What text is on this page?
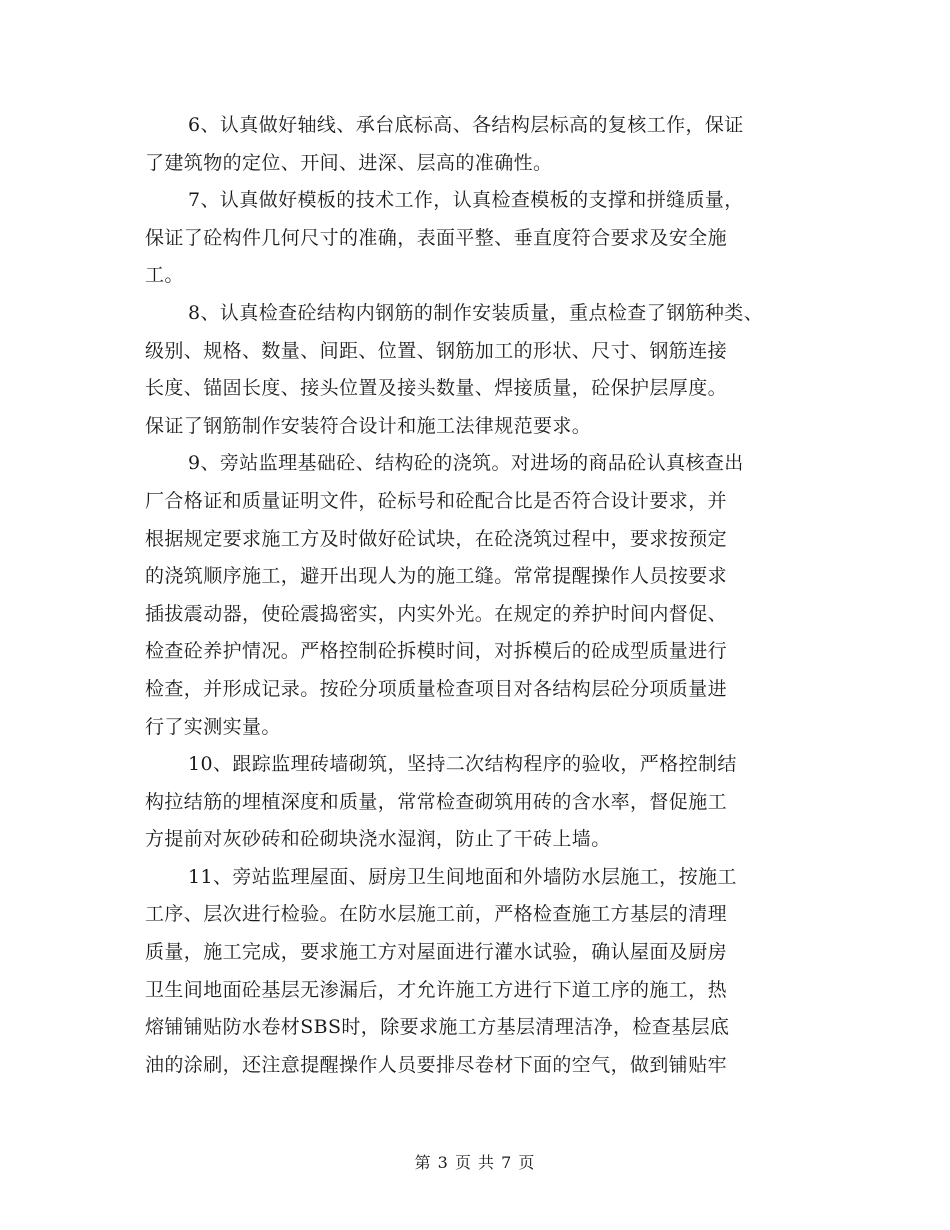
6、认真做好轴线、承台底标高、各结构层标高的复核工作，保证
了建筑物的定位、开间、进深、层高的准确性。
7、认真做好模板的技术工作，认真检查模板的支撑和拼缝质量，
保证了砼构件几何尺寸的准确，表面平整、垂直度符合要求及安全施
工。
8、认真检查砼结构内钢筋的制作安装质量，重点检查了钢筋种类、
级别、规格、数量、间距、位置、钢筋加工的形状、尺寸、钢筋连接
长度、锚固长度、接头位置及接头数量、焊接质量，砼保护层厚度。
保证了钢筋制作安装符合设计和施工法律规范要求。
9、旁站监理基础砼、结构砼的浇筑。对进场的商品砼认真核查出
厂合格证和质量证明文件，砼标号和砼配合比是否符合设计要求，并
根据规定要求施工方及时做好砼试块，在砼浇筑过程中，要求按预定
的浇筑顺序施工，避开出现人为的施工缝。常常提醒操作人员按要求
插拔震动器，使砼震捣密实，内实外光。在规定的养护时间内督促、
检查砼养护情况。严格控制砼拆模时间，对拆模后的砼成型质量进行
检查，并形成记录。按砼分项质量检查项目对各结构层砼分项质量进
行了实测实量。
10、跟踪监理砖墙砌筑，坚持二次结构程序的验收，严格控制结
构拉结筋的埋植深度和质量，常常检查砌筑用砖的含水率，督促施工
方提前对灰砂砖和砼砌块浇水湿润，防止了干砖上墙。
11、旁站监理屋面、厨房卫生间地面和外墙防水层施工，按施工
工序、层次进行检验。在防水层施工前，严格检查施工方基层的清理
质量，施工完成，要求施工方对屋面进行灌水试验，确认屋面及厨房
卫生间地面砼基层无渗漏后，才允许施工方进行下道工序的施工，热
熔铺铺贴防水卷材SBS时，除要求施工方基层清理洁净，检查基层底
油的涂刷，还注意提醒操作人员要排尽卷材下面的空气，做到铺贴牢
第 3 页 共 7 页
